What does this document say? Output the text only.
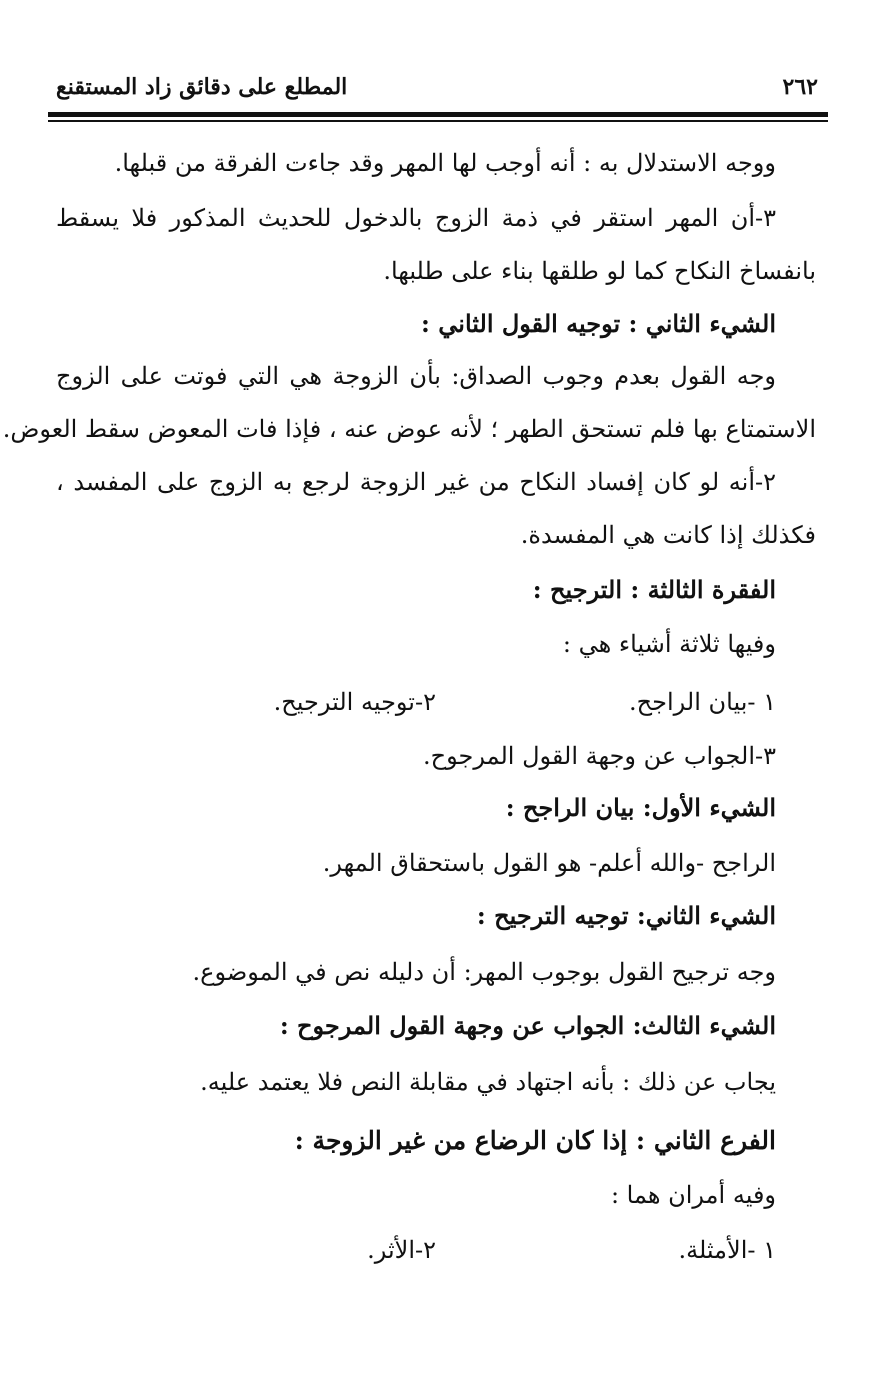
٢٦٢
المطلع على دقائق زاد المستقنع
ووجه الاستدلال به : أنه أوجب لها المهر وقد جاءت الفرقة من قبلها.
٣-أن المهر استقر في ذمة الزوج بالدخول للحديث المذكور فلا يسقط
بانفساخ النكاح كما لو طلقها بناء على طلبها.
الشيء الثاني : توجيه القول الثاني :
وجه القول بعدم وجوب الصداق: بأن الزوجة هي التي فوتت على الزوج
الاستمتاع بها فلم تستحق الطهر ؛ لأنه عوض عنه ، فإذا فات المعوض سقط العوض.
٢-أنه لو كان إفساد النكاح من غير الزوجة لرجع به الزوج على المفسد ،
فكذلك إذا كانت هي المفسدة.
الفقرة الثالثة : الترجيح :
وفيها ثلاثة أشياء هي :
١ -بيان الراجح.
٢-توجيه الترجيح.
٣-الجواب عن وجهة القول المرجوح.
الشيء الأول: بيان الراجح :
الراجح -والله أعلم- هو القول باستحقاق المهر.
الشيء الثاني: توجيه الترجيح :
وجه ترجيح القول بوجوب المهر: أن دليله نص في الموضوع.
الشيء الثالث: الجواب عن وجهة القول المرجوح :
يجاب عن ذلك : بأنه اجتهاد في مقابلة النص فلا يعتمد عليه.
الفرع الثاني : إذا كان الرضاع من غير الزوجة :
وفيه أمران هما :
١ -الأمثلة.
٢-الأثر.
